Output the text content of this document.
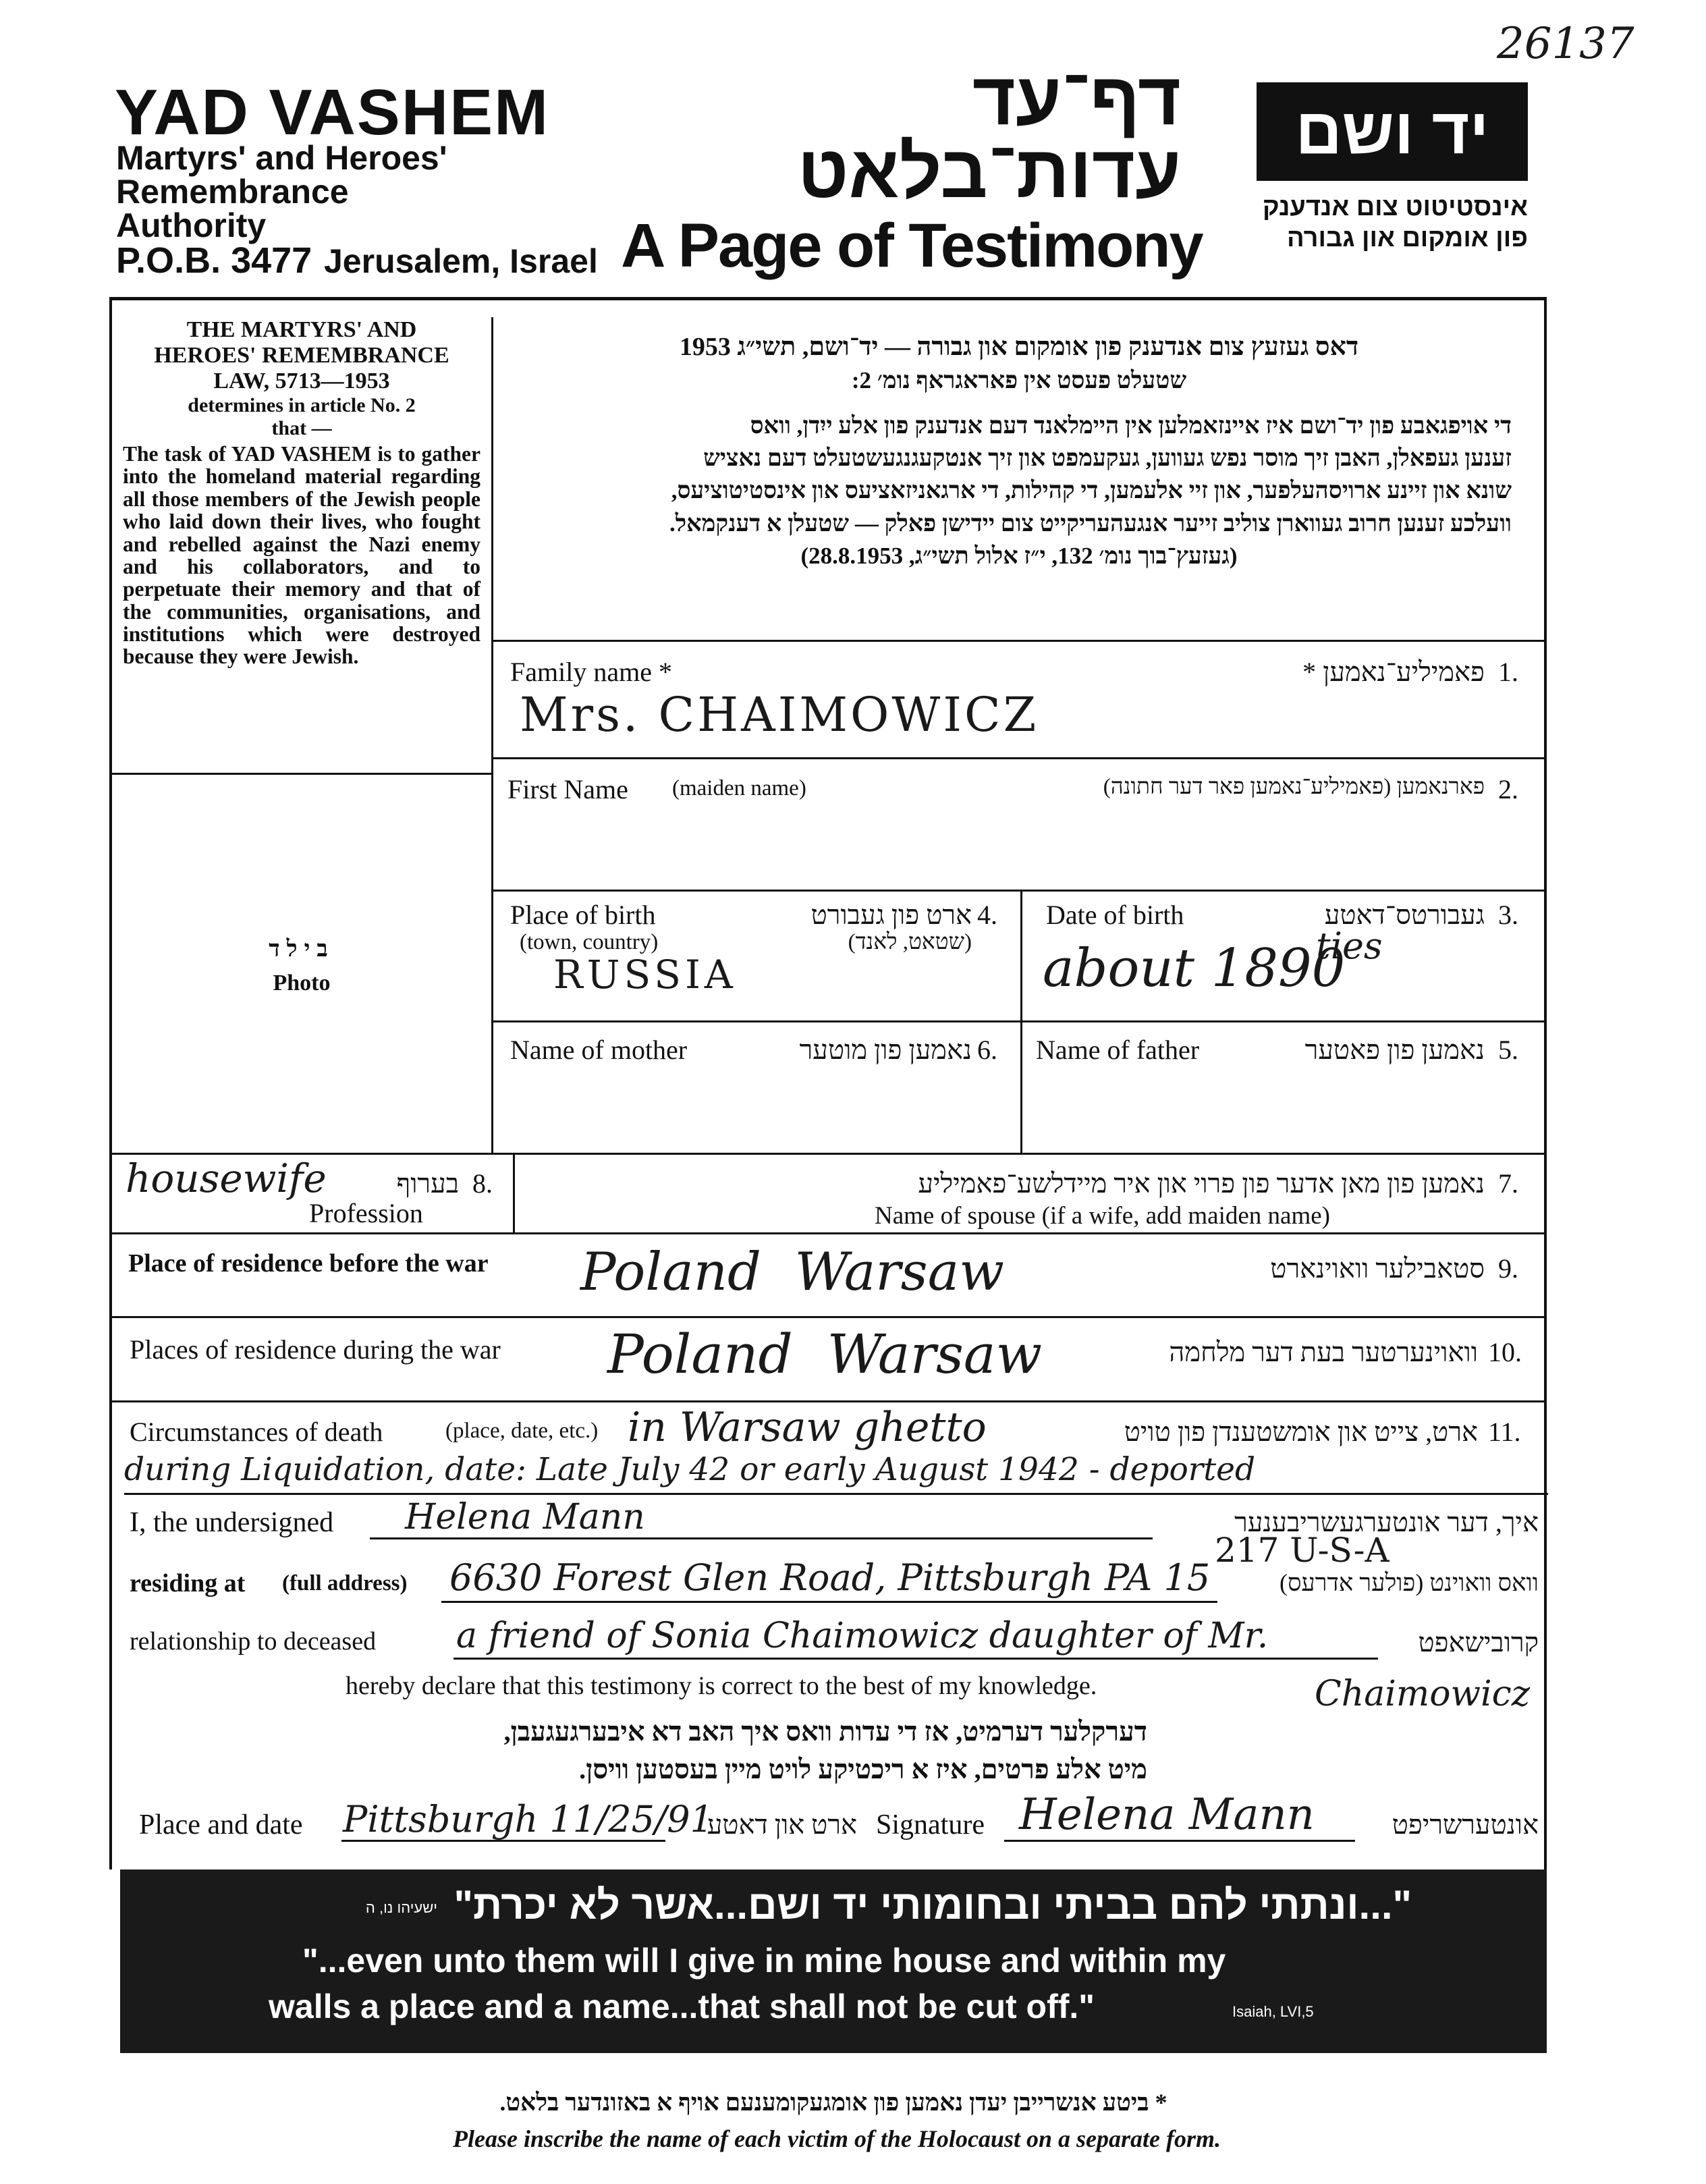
26137
YAD VASHEM
Martyrs' and Heroes'
Remembrance
Authority
P.O.B. 3477 Jerusalem, Israel
דף־עד
עדות־בלאט
A Page of Testimony
יד ושם
אינסטיטוט צום אנדענק
פון אומקום און גבורה
THE MARTYRS' AND
HEROES' REMEMBRANCE
LAW, 5713—1953
determines in article No. 2
that —
The task of YAD VASHEM is to gather into the homeland material regarding all those members of the Jewish people who laid down their lives, who fought and rebelled against the Nazi enemy and his collaborators, and to perpetuate their memory and that of the communities, organisations, and institutions which were destroyed because they were Jewish.
בילד
Photo
דאס געזעץ צום אנדענק פון אומקום און גבורה — יד־ושם, תשי״ג 1953
שטעלט פעסט אין פאראגראף נומ׳ 2:
די אויפגאבע פון יד־ושם איז איינזאמלען אין היימלאנד דעם אנדענק פון אלע ייִדן, וואס
זענען געפאלן, האבן זיך מוסר נפש געווען, געקעמפט און זיך אנטקעגנגעשטעלט דעם נאציש
שונא און זיינע ארויסהעלפער, און זיי אלעמען, די קהילות, די ארגאניזאציעס און אינסטיטוציעס,
וועלכע זענען חרוב געווארן צוליב זייער אנגעהעריקייט צום יידישן פאלק — שטעלן א דענקמאל.
(געזעץ־בוך נומ׳ 132, י״ז אלול תשי״ג, 28.8.1953)
Family name *	פאמיליע־נאמען * 1.
Mrs. CHAIMOWICZ
First Name (maiden name)	פארנאמען (פאמיליע־נאמען פאר דער חתונה) 2.
Place of birth
(town, country)
ארט פון געבורט
(שטאט, לאנד)
4.
RUSSIA
Date of birth	געבורטס־דאטע 3.
about 1890
ties
Name of mother	נאמען פון מוטער 6. Name of father	נאמען פון פאטער 5.
housewife	בערוף 8.
Profession
נאמען פון מאן אדער פון פרוי און איר מיידלשע־פאמיליע 7.
Name of spouse (if a wife, add maiden name)
Place of residence before the war Poland  Warsaw	סטאבילער וואוינארט 9.
Places of residence during the war Poland  Warsaw	וואוינערטער בעת דער מלחמה 10.
Circumstances of death	(place, date, etc.) in Warsaw ghetto	ארט, צייט און אומשטענדן פון טויט 11.
during Liquidation, date: Late July 42 or early August 1942 - deported
I, the undersigned Helena Mann	איך, דער אונטערגעשריבענער
217 U-S-A
residing at (full address) 6630 Forest Glen Road, Pittsburgh PA 15	וואס וואוינט (פולער אדרעס)
relationship to deceased a friend of Sonia Chaimowicz daughter of Mr.	קרובישאפט
hereby declare that this testimony is correct to the best of my knowledge.	Chaimowicz
דערקלער דערמיט, אז די עדות וואס איך האב דא איבערגעגעבן,
מיט אלע פרטים, איז א ריכטיקע לויט מיין בעסטען וויסן.
Place and date Pittsburgh 11/25/91
ארט און דאטע Signature Helena Mann	אונטערשריפט
"...ונתתי להם בביתי ובחומותי יד ושם...אשר לא יכרת"
ישעיהו נו, ה
"...even unto them will I give in mine house and within my
walls a place and a name...that shall not be cut off."	Isaiah, LVI,5
* ביטע אנשרייבן יעדן נאמען פון אומגעקומענעם אויף א באזונדער בלאט.
Please inscribe the name of each victim of the Holocaust on a separate form.
